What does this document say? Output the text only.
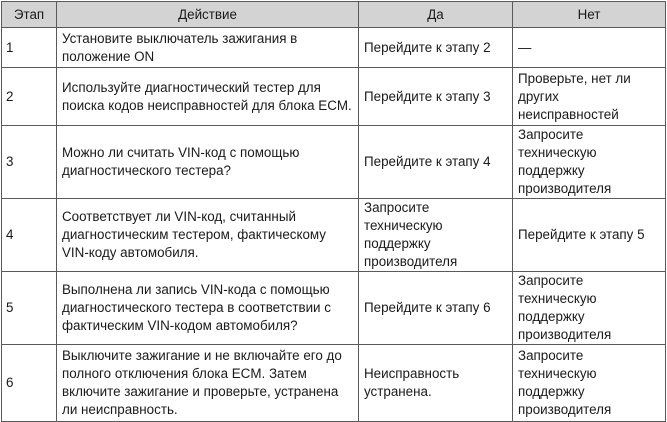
Этап	Действие	Да	Нет
1	Установите выключатель зажигания в положение ON	Перейдите к этапу 2	—
2	Используйте диагностический тестер для поиска кодов неисправностей для блока ECM.	Перейдите к этапу 3	Проверьте, нет ли других неисправностей
3	Можно ли считать VIN-код с помощью диагностического тестера?	Перейдите к этапу 4	Запросите техническую поддержку производителя
4	Соответствует ли VIN-код, считанный диагностическим тестером, фактическому VIN-коду автомобиля.	Запросите техническую поддержку производителя	Перейдите к этапу 5
5	Выполнена ли запись VIN-кода с помощью диагностического тестера в соответствии с фактическим VIN-кодом автомобиля?	Перейдите к этапу 6	Запросите техническую поддержку производителя
6	Выключите зажигание и не включайте его до полного отключения блока ECM. Затем включите зажигание и проверьте, устранена ли неисправность.	Неисправность устранена.	Запросите техническую поддержку производителя
